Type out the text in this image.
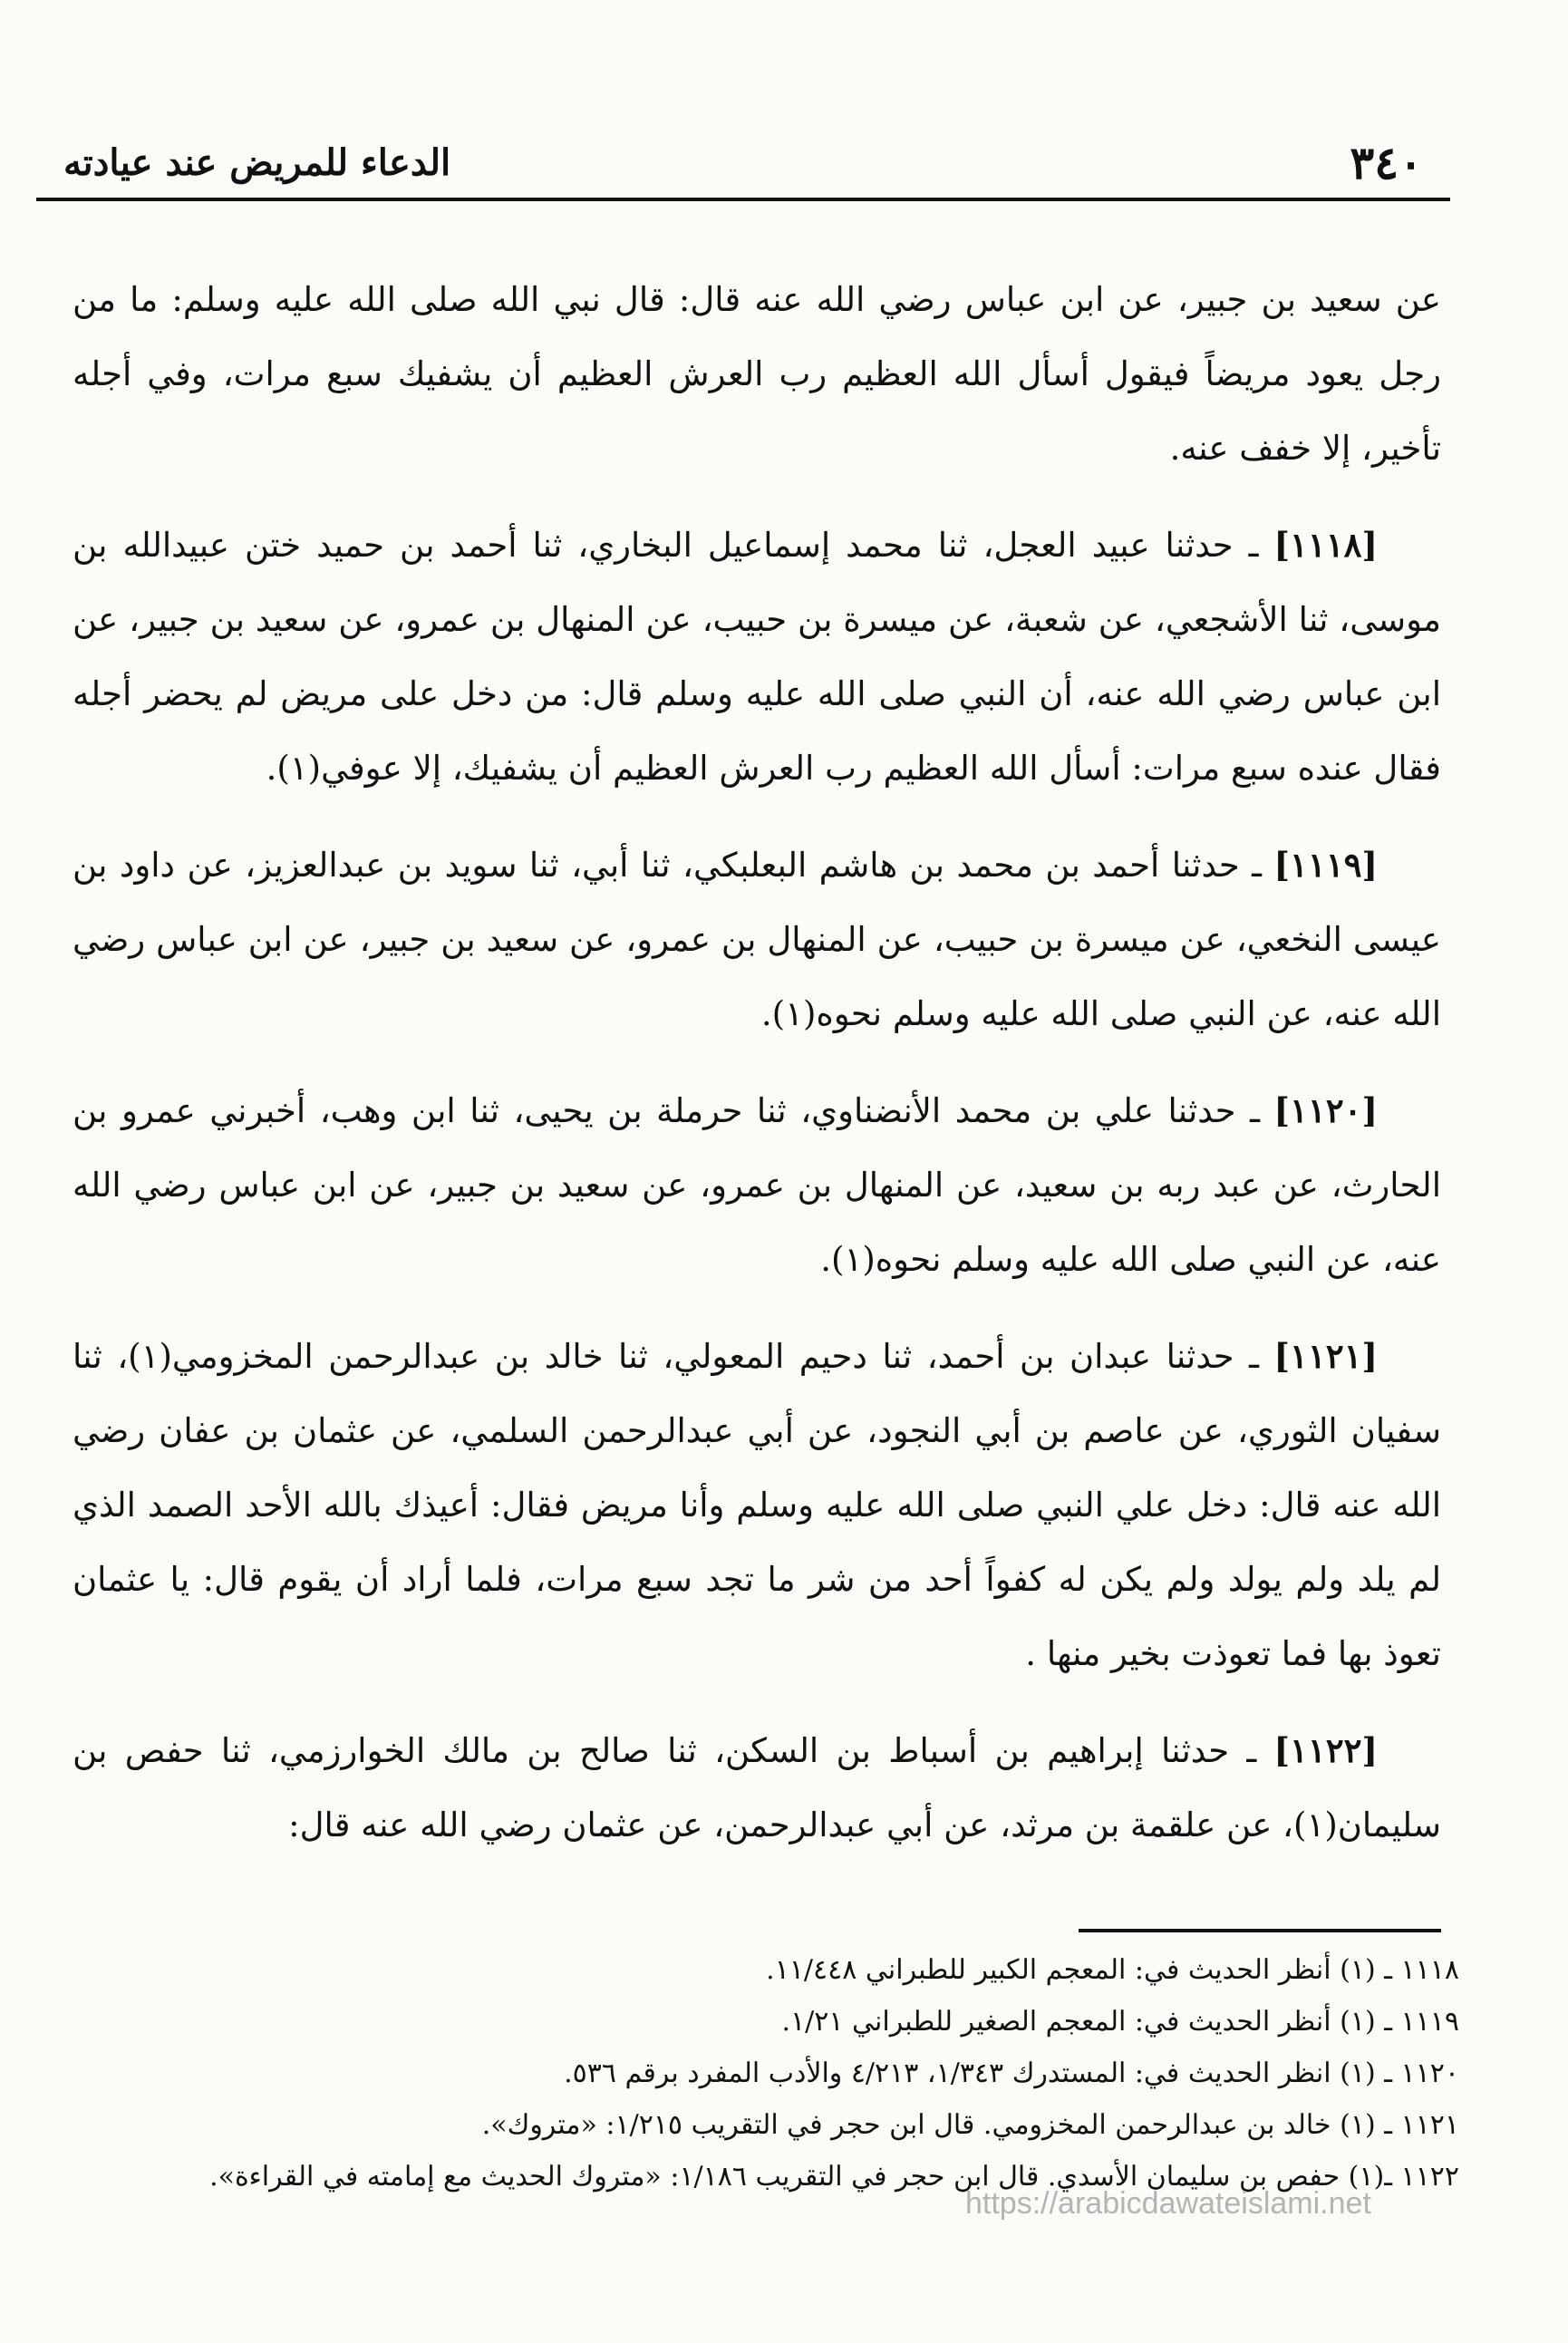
٣٤٠
الدعاء للمريض عند عيادته

عن سعيد بن جبير، عن ابن عباس رضي الله عنه قال: قال نبي الله صلى الله عليه وسلم: ما من رجل يعود مريضاً فيقول أسأل الله العظيم رب العرش العظيم أن يشفيك سبع مرات، وفي أجله تأخير، إلا خفف عنه.

[١١١٨] ـ حدثنا عبيد العجل، ثنا محمد إسماعيل البخاري، ثنا أحمد بن حميد ختن عبيدالله بن موسى، ثنا الأشجعي، عن شعبة، عن ميسرة بن حبيب، عن المنهال بن عمرو، عن سعيد بن جبير، عن ابن عباس رضي الله عنه، أن النبي صلى الله عليه وسلم قال: من دخل على مريض لم يحضر أجله فقال عنده سبع مرات: أسأل الله العظيم رب العرش العظيم أن يشفيك، إلا عوفي(١).

[١١١٩] ـ حدثنا أحمد بن محمد بن هاشم البعلبكي، ثنا أبي، ثنا سويد بن عبدالعزيز، عن داود بن عيسى النخعي، عن ميسرة بن حبيب، عن المنهال بن عمرو، عن سعيد بن جبير، عن ابن عباس رضي الله عنه، عن النبي صلى الله عليه وسلم نحوه(١).

[١١٢٠] ـ حدثنا علي بن محمد الأنضناوي، ثنا حرملة بن يحيى، ثنا ابن وهب، أخبرني عمرو بن الحارث، عن عبد ربه بن سعيد، عن المنهال بن عمرو، عن سعيد بن جبير، عن ابن عباس رضي الله عنه، عن النبي صلى الله عليه وسلم نحوه(١).

[١١٢١] ـ حدثنا عبدان بن أحمد، ثنا دحيم المعولي، ثنا خالد بن عبدالرحمن المخزومي(١)، ثنا سفيان الثوري، عن عاصم بن أبي النجود، عن أبي عبدالرحمن السلمي، عن عثمان بن عفان رضي الله عنه قال: دخل علي النبي صلى الله عليه وسلم وأنا مريض فقال: أعيذك بالله الأحد الصمد الذي لم يلد ولم يولد ولم يكن له كفواً أحد من شر ما تجد سبع مرات، فلما أراد أن يقوم قال: يا عثمان تعوذ بها فما تعوذت بخير منها .

[١١٢٢] ـ حدثنا إبراهيم بن أسباط بن السكن، ثنا صالح بن مالك الخوارزمي، ثنا حفص بن سليمان(١)، عن علقمة بن مرثد، عن أبي عبدالرحمن، عن عثمان رضي الله عنه قال:

١١١٨ ـ (١) أنظر الحديث في: المعجم الكبير للطبراني ١١/٤٤٨.

١١١٩ ـ (١) أنظر الحديث في: المعجم الصغير للطبراني ١/٢١.

١١٢٠ ـ (١) انظر الحديث في: المستدرك ١/٣٤٣، ٤/٢١٣ والأدب المفرد برقم ٥٣٦.

١١٢١ ـ (١) خالد بن عبدالرحمن المخزومي. قال ابن حجر في التقريب ١/٢١٥: «متروك».

١١٢٢ ـ(١) حفص بن سليمان الأسدي. قال ابن حجر في التقريب ١/١٨٦: «متروك الحديث مع إمامته في القراءة».

https://arabicdawateislami.net
